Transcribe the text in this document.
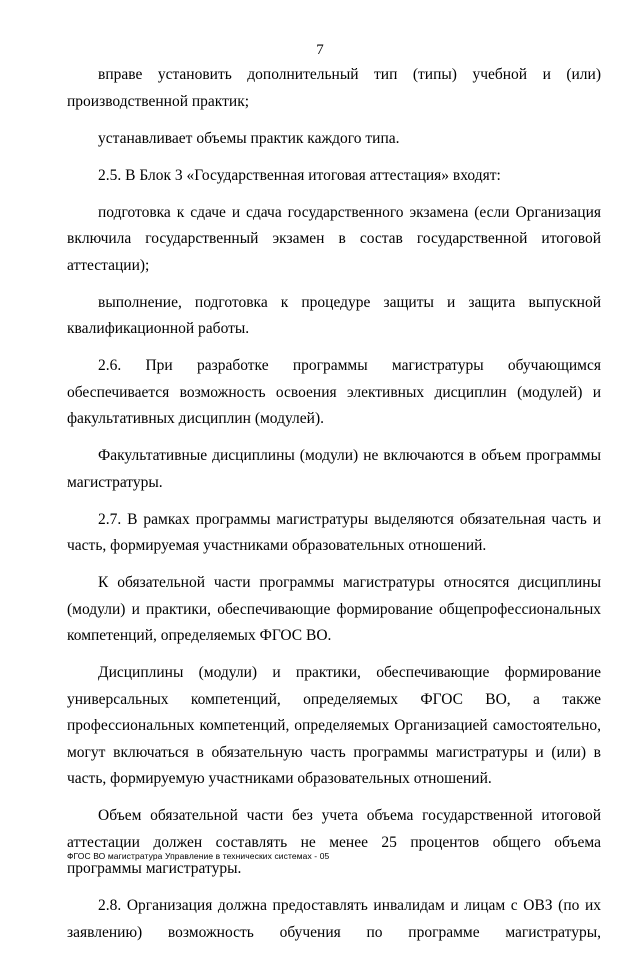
7

вправе установить дополнительный тип (типы) учебной и (или) производственной практик;

устанавливает объемы практик каждого типа.

2.5. В Блок 3 «Государственная итоговая аттестация» входят:

подготовка к сдаче и сдача государственного экзамена (если Организация включила государственный экзамен в состав государственной итоговой аттестации);

выполнение, подготовка к процедуре защиты и защита выпускной квалификационной работы.

2.6. При разработке программы магистратуры обучающимся обеспечивается возможность освоения элективных дисциплин (модулей) и факультативных дисциплин (модулей).

Факультативные дисциплины (модули) не включаются в объем программы магистратуры.

2.7. В рамках программы магистратуры выделяются обязательная часть и часть, формируемая участниками образовательных отношений.

К обязательной части программы магистратуры относятся дисциплины (модули) и практики, обеспечивающие формирование общепрофессиональных компетенций, определяемых ФГОС ВО.

Дисциплины (модули) и практики, обеспечивающие формирование универсальных компетенций, определяемых ФГОС ВО, а также профессиональных компетенций, определяемых Организацией самостоятельно, могут включаться в обязательную часть программы магистратуры и (или) в часть, формируемую участниками образовательных отношений.

Объем обязательной части без учета объема государственной итоговой аттестации должен составлять не менее 25 процентов общего объема программы магистратуры.

2.8. Организация должна предоставлять инвалидам и лицам с ОВЗ (по их заявлению) возможность обучения по программе магистратуры,

ФГОС ВО магистратура Управление в технических системах - 05
